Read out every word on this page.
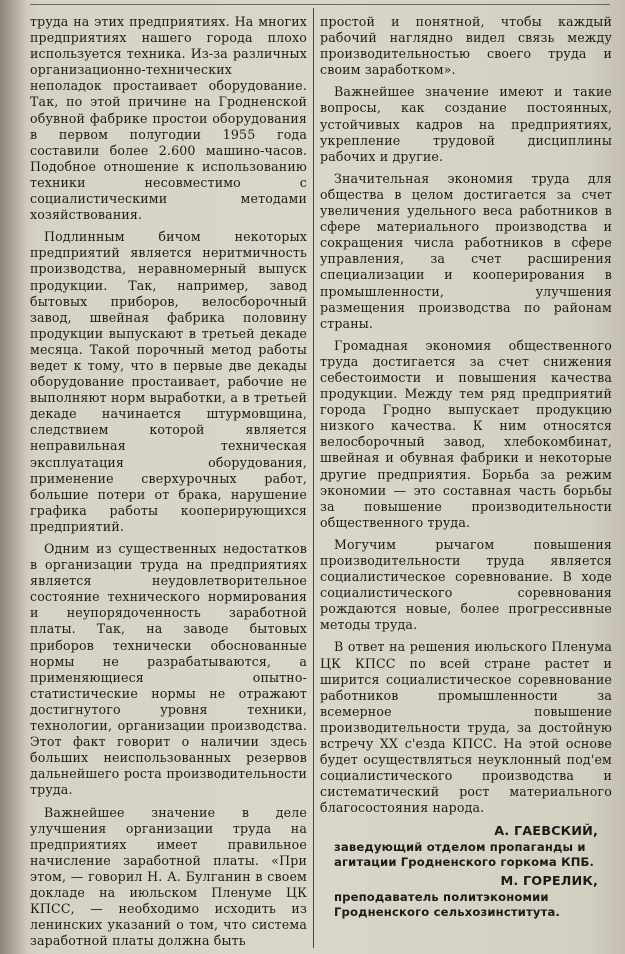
труда на этих предприятиях. На многих предприятиях нашего города плохо используется техника. Из-за различных организационно-технических неполадок простаивает оборудование. Так, по этой причине на Гродненской обувной фабрике простои оборудования в первом полугодии 1955 года составили более 2.600 машино-часов. Подобное отношение к использованию техники несовместимо с социалистическими методами хозяйствования.

Подлинным бичом некоторых предприятий является неритмичность производства, неравномерный выпуск продукции. Так, например, завод бытовых приборов, велосборочный завод, швейная фабрика половину продукции выпускают в третьей декаде месяца. Такой порочный метод работы ведет к тому, что в первые две декады оборудование простаивает, рабочие не выполняют норм выработки, а в третьей декаде начинается штурмовщина, следствием которой является неправильная техническая эксплуатация оборудования, применение сверхурочных работ, большие потери от брака, нарушение графика работы кооперирующихся предприятий.

Одним из существенных недостатков в организации труда на предприятиях является неудовлетворительное состояние технического нормирования и неупорядоченность заработной платы. Так, на заводе бытовых приборов технически обоснованные нормы не разрабатываются, а применяющиеся опытно-статистические нормы не отражают достигнутого уровня техники, технологии, организации производства. Этот факт говорит о наличии здесь больших неиспользованных резервов дальнейшего роста производительности труда.

Важнейшее значение в деле улучшения организации труда на предприятиях имеет правильное начисление заработной платы. «При этом, — говорил Н. А. Булганин в своем докладе на июльском Пленуме ЦК КПСС, — необходимо исходить из ленинских указаний о том, что система заработной платы должна быть

простой и понятной, чтобы каждый рабочий наглядно видел связь между производительностью своего труда и своим заработком».

Важнейшее значение имеют и такие вопросы, как создание постоянных, устойчивых кадров на предприятиях, укрепление трудовой дисциплины рабочих и другие.

Значительная экономия труда для общества в целом достигается за счет увеличения удельного веса работников в сфере материального производства и сокращения числа работников в сфере управления, за счет расширения специализации и кооперирования в промышленности, улучшения размещения производства по районам страны.

Громадная экономия общественного труда достигается за счет снижения себестоимости и повышения качества продукции. Между тем ряд предприятий города Гродно выпускает продукцию низкого качества. К ним относятся велосборочный завод, хлебокомбинат, швейная и обувная фабрики и некоторые другие предприятия. Борьба за режим экономии — это составная часть борьбы за повышение производительности общественного труда.

Могучим рычагом повышения производительности труда является социалистическое соревнование. В ходе социалистического соревнования рождаются новые, более прогрессивные методы труда.

В ответ на решения июльского Пленума ЦК КПСС по всей стране растет и ширится социалистическое соревнование работников промышленности за всемерное повышение производительности труда, за достойную встречу XX с'езда КПСС. На этой основе будет осуществляться неуклонный под'ем социалистического производства и систематический рост материального благосостояния народа.

А. ГАЕВСКИЙ,
заведующий отделом пропаганды и агитации Гродненского горкома КПБ.
М. ГОРЕЛИК,
преподаватель политэкономии Гродненского сельхозинститута.
